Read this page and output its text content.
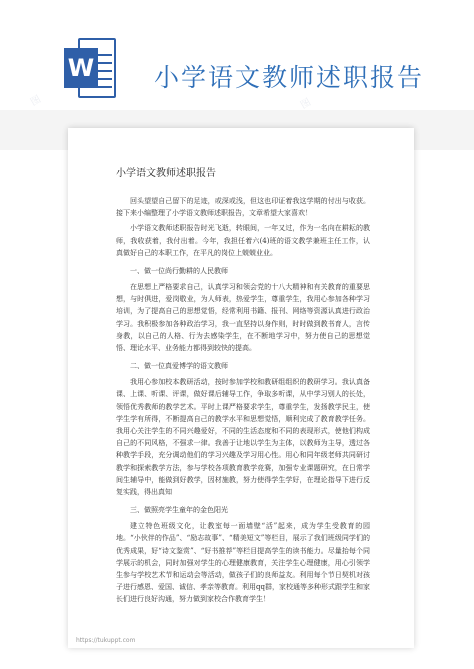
W 小学语文教师述职报告
小学语文教师述职报告
回头望望自己留下的足迹，或深或浅，但这也印证着我这学期的付出与收获。接下来小编整理了小学语文教师述职报告，文章希望大家喜欢！
小学语文教师述职报告时光飞逝，转眼间，一年又过，作为一名向在耕耘的教师，我收获着，我付出着。今年，我担任着六(4)班的语文教学兼班主任工作，认真做好自己的本职工作，在平凡的岗位上兢兢业业。
一、做一位尚行勤耕的人民教师
在思想上严格要求自己，认真学习和领会党的十八大精神和有关教育的重要思想，与时俱进，爱岗敬业，为人师表，热爱学生，尊重学生，我用心参加各种学习培训，为了提高自己的思想觉悟，经常利用书籍、报刊、网络等资源认真进行政治学习。我积极参加各种政治学习，我一直坚持以身作则，时时做到教书育人，言传身教，以自己的人格、行为去感染学生，在不断地学习中，努力使自己的思想觉悟、理论水平、业务能力都得到较快的提高。
二、做一位真爱博学的语文教师
我用心参加校本教研活动，按时参加学校和教研组组织的教研学习。我认真备课、上课、听课、评课，做好课后辅导工作，争取多听课，从中学习别人的长处，领悟优秀教师的教学艺术。平时上课严格要求学生，尊重学生，发扬教学民主，使学生学有所得，不断提高自己的教学水平和思想觉悟，顺利完成了教育教学任务。我用心关注学生的不同兴趣爱好，不同的生活态度和不同的表现形式，使他们构成自己的不同风格，不强求一律。我善于让地以学生为主体，以教师为主导，透过各种教学手段，充分调动他们的学习兴趣及学习用心性。用心和同年级老师共同研讨教学和探索教学方法，参与学校各项教育教学竞赛，加强专业课题研究，在日常学间生辅导中，能做到好教学，因材施教，努力使得学生学好，在理论指导下进行反复实践，得出真知
三、做照亮学生童年的金色阳光
建立特色班级文化，让教室每一面墙壁“活”起来，成为学生受教育的园地。“小伙伴的作品”、“励志故事”、“精美短文”等栏目，展示了我们班级同学们的优秀成果，好“诗文鉴赏”、“好书推荐”等栏目提高学生的读书能力。尽量抬每个同学展示的机会，同时加强对学生的心理健康教育，关注学生心理健康，用心引领学生参与学校艺术节和运动会等活动，做孩子们的良师益友。利用每个节日契机对孩子进行感恩、爱国、诚信、孝亲等教育。利用qq群，家校通等多种形式跟学生和家长们进行良好沟通，努力做到家校合作教育学生！
https://tukuppt.com
